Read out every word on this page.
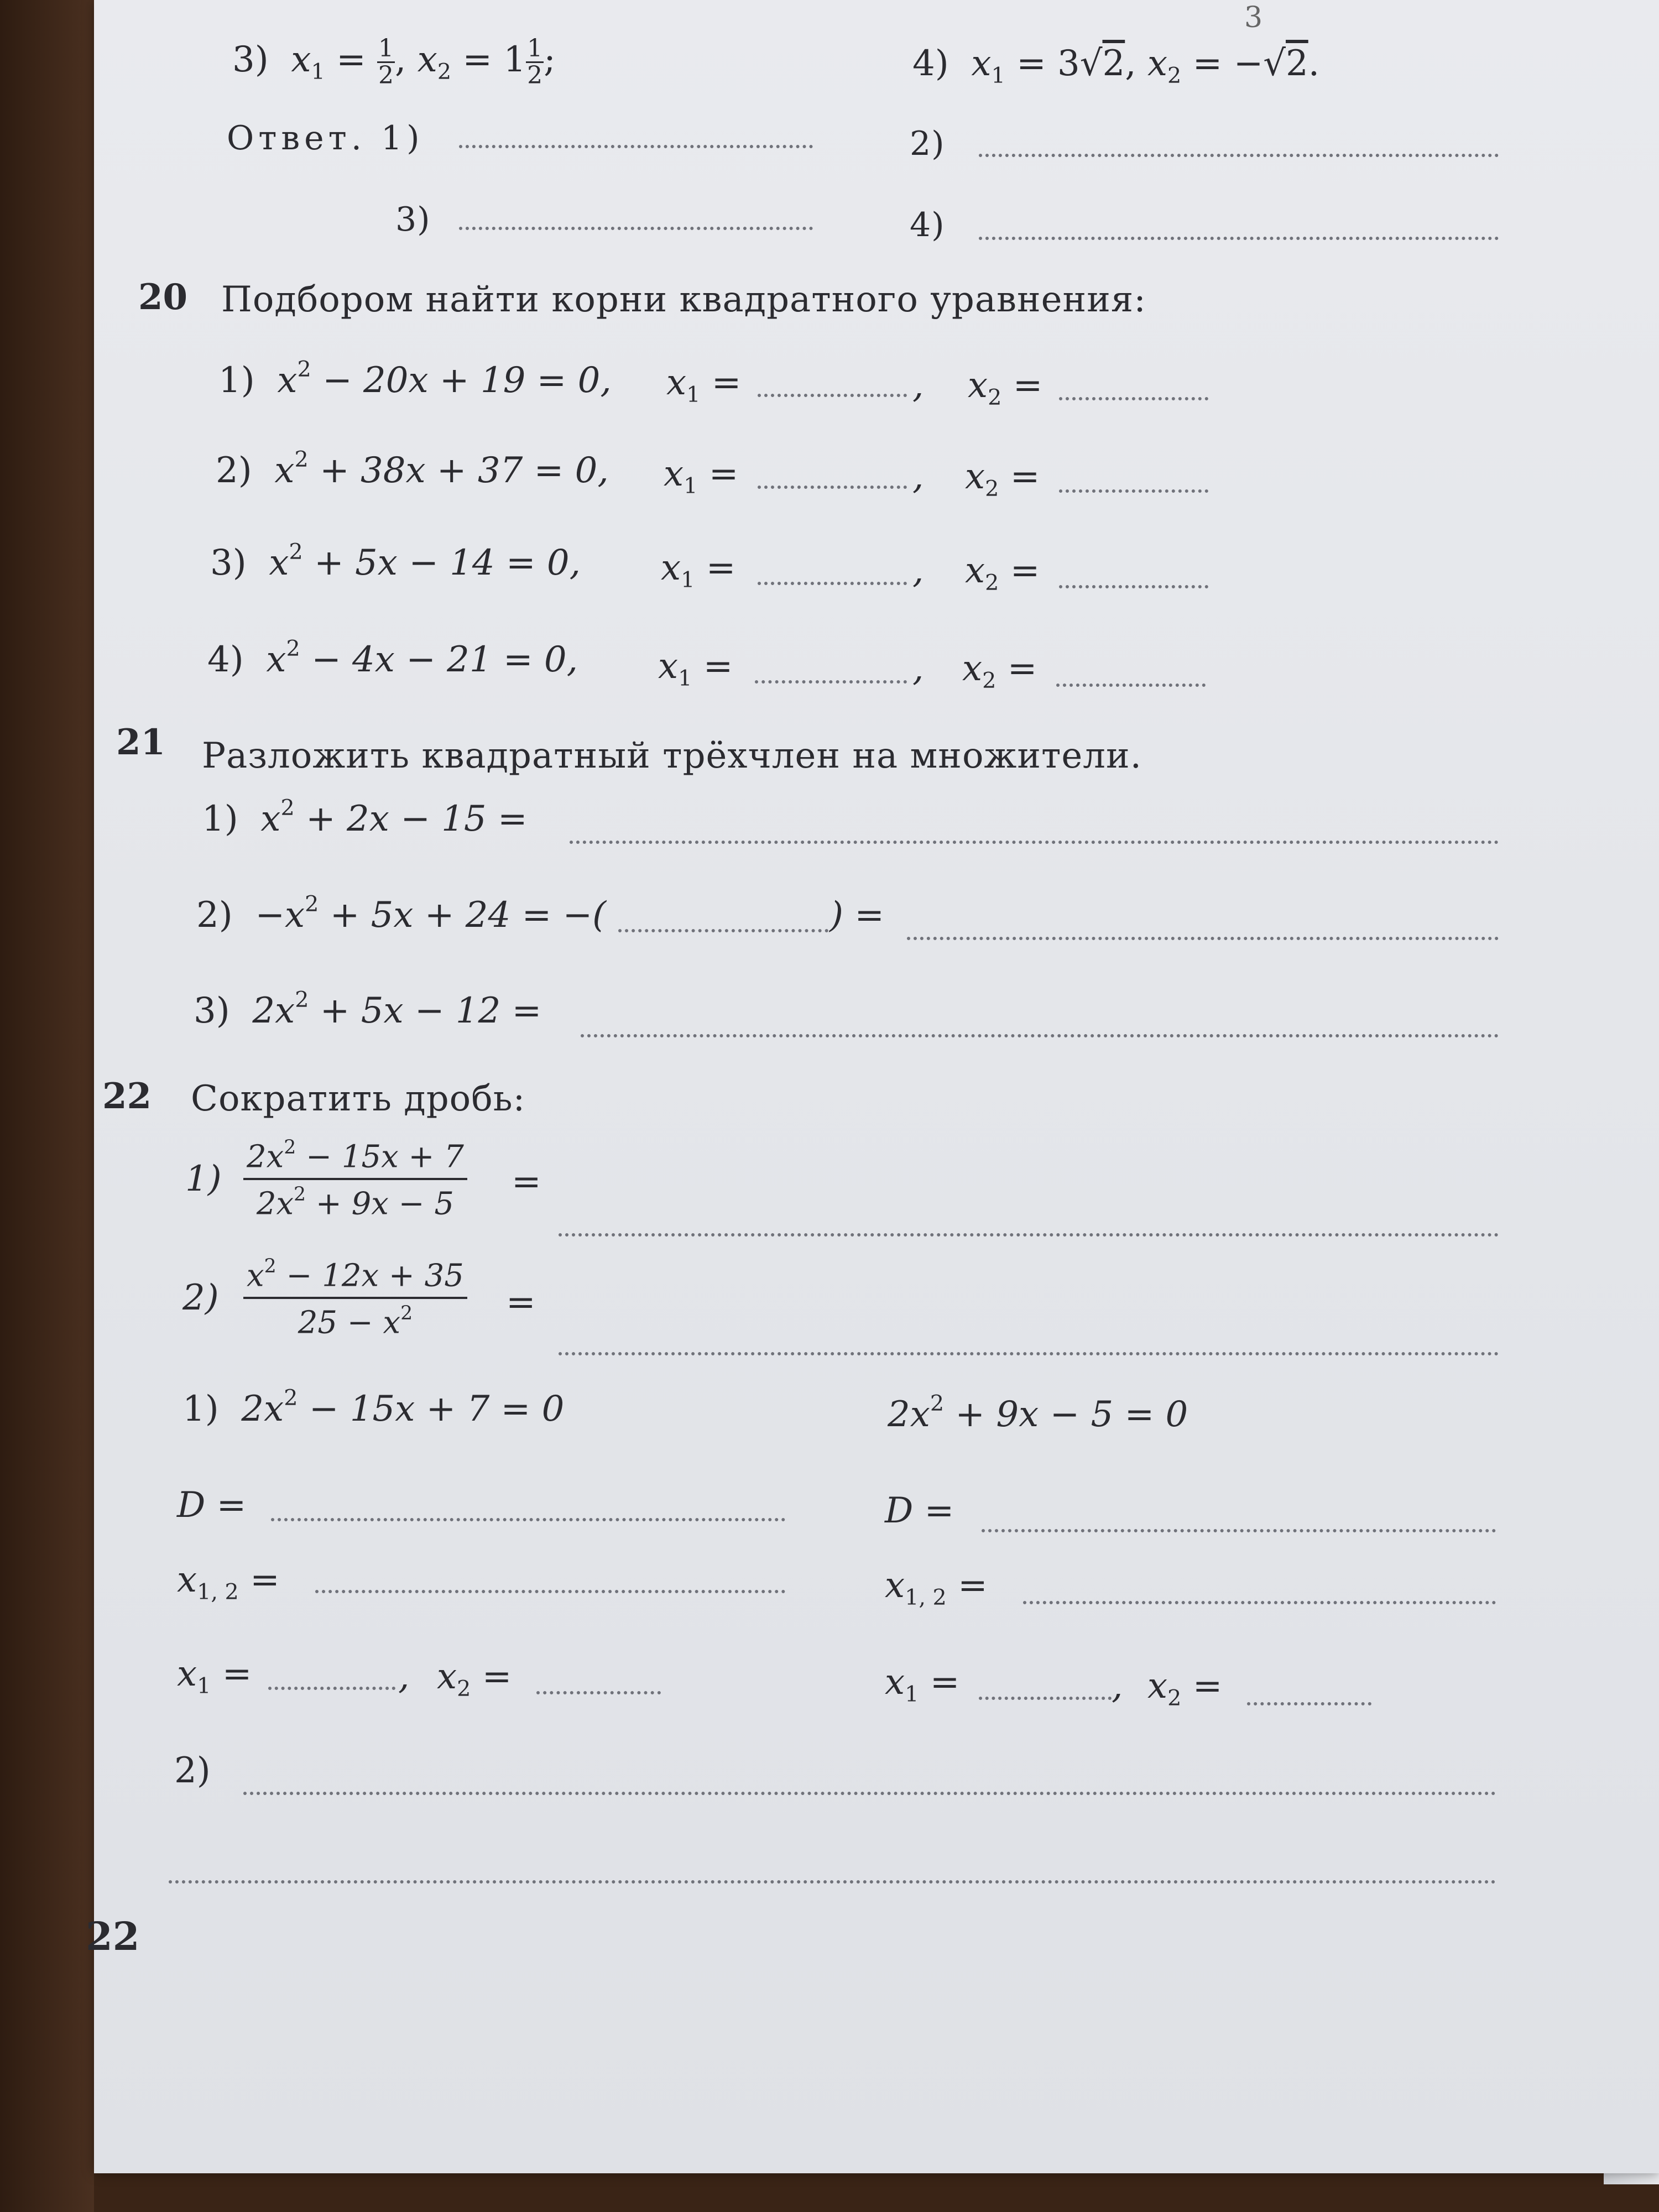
3) $x_1 = \frac{1}{2}$ , $x_2 = 1 \frac{1}{2}$ ;	4) $x_1 = 3√2$, $x_2 = -√2$.
3
Ответ. 1)	2)
3)	4)
20 Подбором найти корни квадратного уравнения:
1) $x^2 - 20x + 19 = 0$, $x_1$ =	, $x_2$ =
2) $x^2 + 38x + 37 = 0$, $x_1$ =	, $x_2$ =
3) $x^2 + 5x - 14 = 0$, $x_1$ =	, $x_2$ =
4) $x^2 - 4x - 21 = 0$, $x_1$ =	, $x_2$ =
21 Разложить квадратный трёхчлен на множители.
1) $x^2 + 2x - 15$ =
$2) -x^2 + 5x + 24$ = −(	) =
3) $2x^2 + 5x - 12$ =
22 Сократить дробь:
$1) \frac{2x^2 - 15x + 7}{2x^2 + 9x - 5}$ =
$2) \frac{x^2 - 12x + 35}{25 - x^2}$ =
1) $2x^2 - 15x + 7 = 0$	$2x^2 + 9x - 5 = 0$
D =	D =
$x_{1, 2}$ =	$x_{1, 2}$ =
$x_1$ =	, $x_2$ =	$x_1$ =	, $x_2$ =
2)
22
